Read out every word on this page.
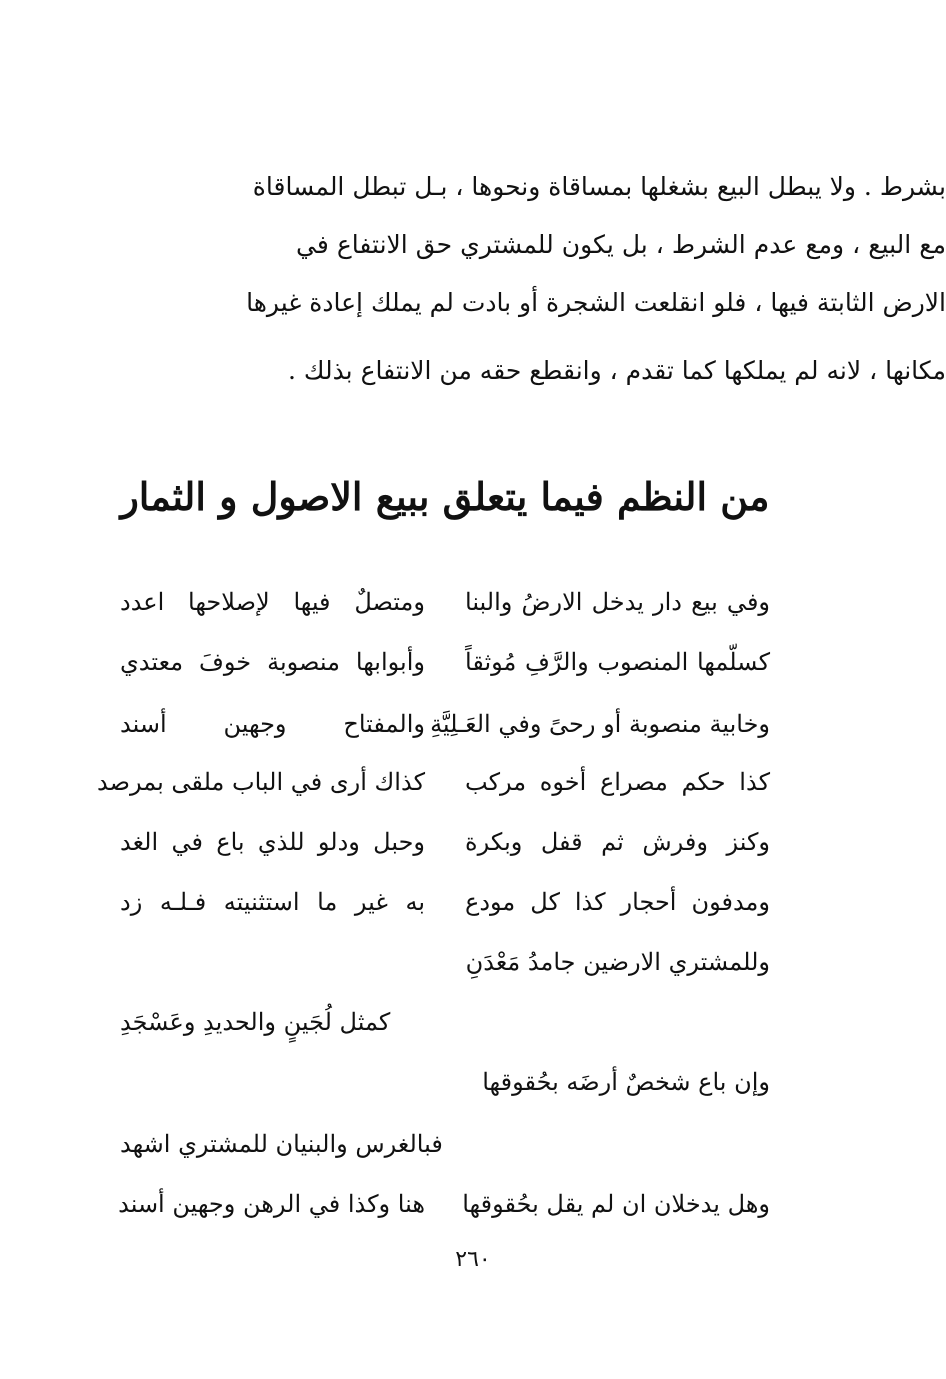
بشرط . ولا يبطل البيع بشغلها بمساقاة ونحوها ، بـل تبطل المساقاة
مع البيع ، ومع عدم الشرط ، بل يكون للمشتري حق الانتفاع في
الارض الثابتة فيها ، فلو انقلعت الشجرة أو بادت لم يملك إعادة غيرها
مكانها ، لانه لم يملكها كما تقدم ، وانقطع حقه من الانتفاع بذلك .
من النظم فيما يتعلق ببيع الاصول و الثمار
وفي بيع دار يدخل الارضُ والبنا
ومتصلٌ فيها لإصلاحها اعدد
كسلّمها المنصوب والرَّفِ مُوثقاً
وأبوابها منصوبة خوفَ معتدي
وخابية منصوبة أو رحىً وفي العَـلِيَّةِ
والمفتاح وجهين أسند
كذا حكم مصراع أخوه مركب
كذاك أرى في الباب ملقى بمرصد
وكنز وفرش ثم قفل وبكرة
وحبل ودلو للذي باع في الغد
ومدفون أحجار كذا كل مودع
به غير ما استثنيته فـلـه زد
وللمشتري الارضين جامدُ مَعْدَنِ
كمثل لُجَينٍ والحديدِ وعَسْجَدِ
وإن باع شخصٌ أرضَه بحُقوقها
فبالغرس والبنيان للمشتري اشهد
وهل يدخلان ان لم يقل بحُقوقها
هنا وكذا في الرهن وجهين أسند
٢٦٠
